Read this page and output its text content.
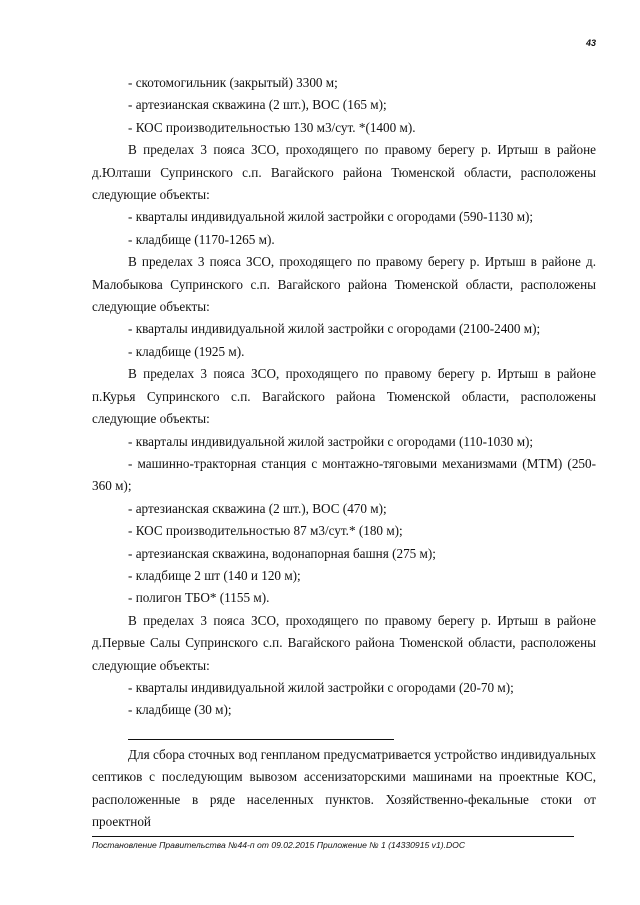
43

- скотомогильник (закрытый) 3300 м;

- артезианская скважина (2 шт.), ВОС (165 м);

- КОС производительностью 130 м3/сут. *(1400 м).

В пределах 3 пояса ЗСО, проходящего по правому берегу р. Иртыш в районе д.Юлташи Супринского с.п. Вагайского района Тюменской области, расположены следующие объекты:

- кварталы индивидуальной жилой застройки с огородами (590-1130 м);

- кладбище (1170-1265 м).

В пределах 3 пояса ЗСО, проходящего по правому берегу р. Иртыш в районе д. Малобыкова Супринского с.п. Вагайского района Тюменской области, расположены следующие объекты:

- кварталы индивидуальной жилой застройки с огородами (2100-2400 м);

- кладбище (1925 м).

В пределах 3 пояса ЗСО, проходящего по правому берегу р. Иртыш в районе п.Курья Супринского с.п. Вагайского района Тюменской области, расположены следующие объекты:

- кварталы индивидуальной жилой застройки с огородами (110-1030 м);

- машинно-тракторная станция с монтажно-тяговыми механизмами (МТМ) (250-360 м);

- артезианская скважина (2 шт.), ВОС (470 м);

- КОС производительностью 87 м3/сут.* (180 м);

- артезианская скважина, водонапорная башня (275 м);

- кладбище 2 шт (140 и 120 м);

- полигон ТБО* (1155 м).

В пределах 3 пояса ЗСО, проходящего по правому берегу р. Иртыш в районе д.Первые Салы Супринского с.п. Вагайского района Тюменской области, расположены следующие объекты:

- кварталы индивидуальной жилой застройки с огородами (20-70 м);

- кладбище (30 м);

Для сбора сточных вод генпланом предусматривается устройство индивидуальных септиков с последующим вывозом ассенизаторскими машинами на проектные КОС, расположенные в ряде населенных пунктов. Хозяйственно-фекальные стоки от проектной

Постановление Правительства №44-п от 09.02.2015 Приложение № 1 (14330915 v1).DOC
